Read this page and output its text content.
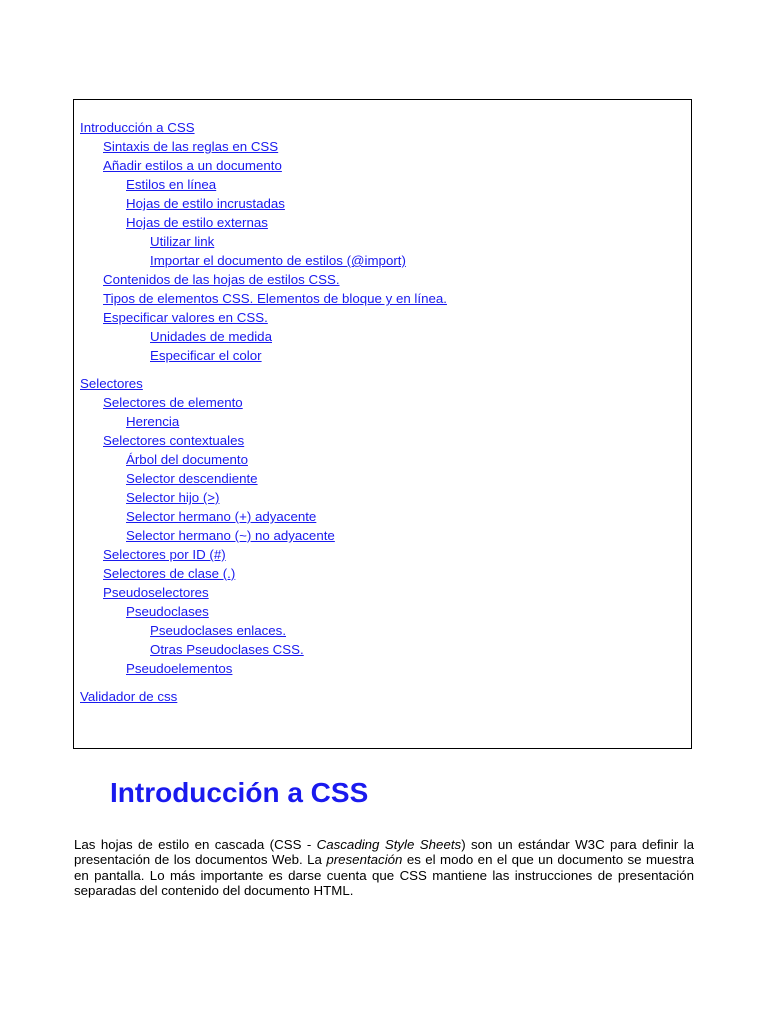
Introducción a CSS
Sintaxis de las reglas en CSS
Añadir estilos a un documento
Estilos en línea
Hojas de estilo incrustadas
Hojas de estilo externas
Utilizar link
Importar el documento de estilos (@import)
Contenidos de las hojas de estilos CSS.
Tipos de elementos CSS. Elementos de bloque y en línea.
Especificar valores en CSS.
Unidades de medida
Especificar el color
Selectores
Selectores de elemento
Herencia
Selectores contextuales
Árbol del documento
Selector descendiente
Selector hijo (>)
Selector hermano (+) adyacente
Selector hermano (~) no adyacente
Selectores por ID (#)
Selectores de clase (.)
Pseudoselectores
Pseudoclases
Pseudoclases enlaces.
Otras Pseudoclases CSS.
Pseudoelementos
Validador de css
Introducción a CSS

Las hojas de estilo en cascada (CSS - Cascading Style Sheets) son un estándar W3C para definir la presentación de los documentos Web. La presentación es el modo en el que un documento se muestra en pantalla. Lo más importante es darse cuenta que CSS mantiene las instrucciones de presentación separadas del contenido del documento HTML.
